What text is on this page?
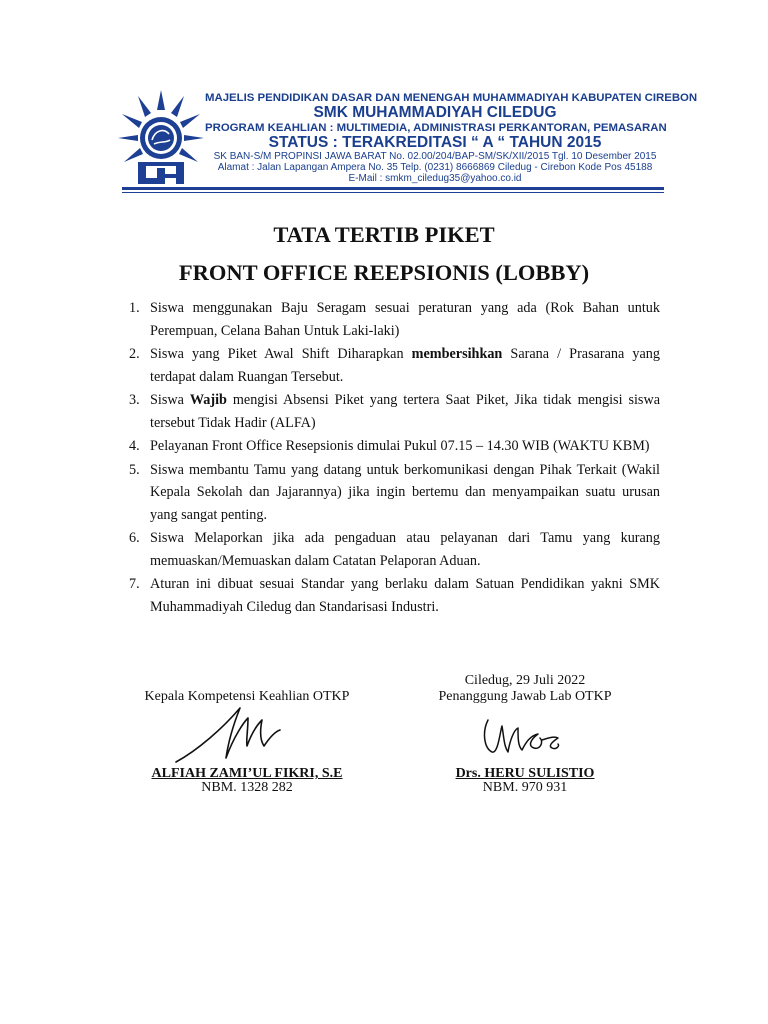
MAJELIS PENDIDIKAN DASAR DAN MENENGAH MUHAMMADIYAH KABUPATEN CIREBON
SMK MUHAMMADIYAH CILEDUG
PROGRAM KEAHLIAN : MULTIMEDIA, ADMINISTRASI PERKANTORAN, PEMASARAN
STATUS : TERAKREDITASI “ A “ TAHUN 2015
SK BAN-S/M PROPINSI JAWA BARAT No. 02.00/204/BAP-SM/SK/XII/2015 Tgl. 10 Desember 2015
Alamat : Jalan Lapangan Ampera No. 35 Telp. (0231) 8666869 Ciledug - Cirebon Kode Pos 45188
E-Mail : smkm_ciledug35@yahoo.co.id
TATA TERTIB PIKET
FRONT OFFICE REEPSIONIS (LOBBY)
1. Siswa menggunakan Baju Seragam sesuai peraturan yang ada (Rok Bahan untuk Perempuan, Celana Bahan Untuk Laki-laki)
2. Siswa yang Piket Awal Shift Diharapkan membersihkan Sarana / Prasarana yang terdapat dalam Ruangan Tersebut.
3. Siswa Wajib mengisi Absensi Piket yang tertera Saat Piket, Jika tidak mengisi siswa tersebut Tidak Hadir (ALFA)
4. Pelayanan Front Office Resepsionis dimulai Pukul 07.15 – 14.30 WIB (WAKTU KBM)
5. Siswa membantu Tamu yang datang untuk berkomunikasi dengan Pihak Terkait (Wakil Kepala Sekolah dan Jajarannya) jika ingin bertemu dan menyampaikan suatu urusan yang sangat penting.
6. Siswa Melaporkan jika ada pengaduan atau pelayanan dari Tamu yang kurang memuaskan/Memuaskan dalam Catatan Pelaporan Aduan.
7. Aturan ini dibuat sesuai Standar yang berlaku dalam Satuan Pendidikan yakni SMK Muhammadiyah Ciledug dan Standarisasi Industri.
Ciledug, 29 Juli 2022
Kepala Kompetensi Keahlian OTKP	Penanggung Jawab Lab OTKP
ALFIAH ZAMI’UL FIKRI, S.E	Drs. HERU SULISTIO
NBM. 1328 282	NBM. 970 931
